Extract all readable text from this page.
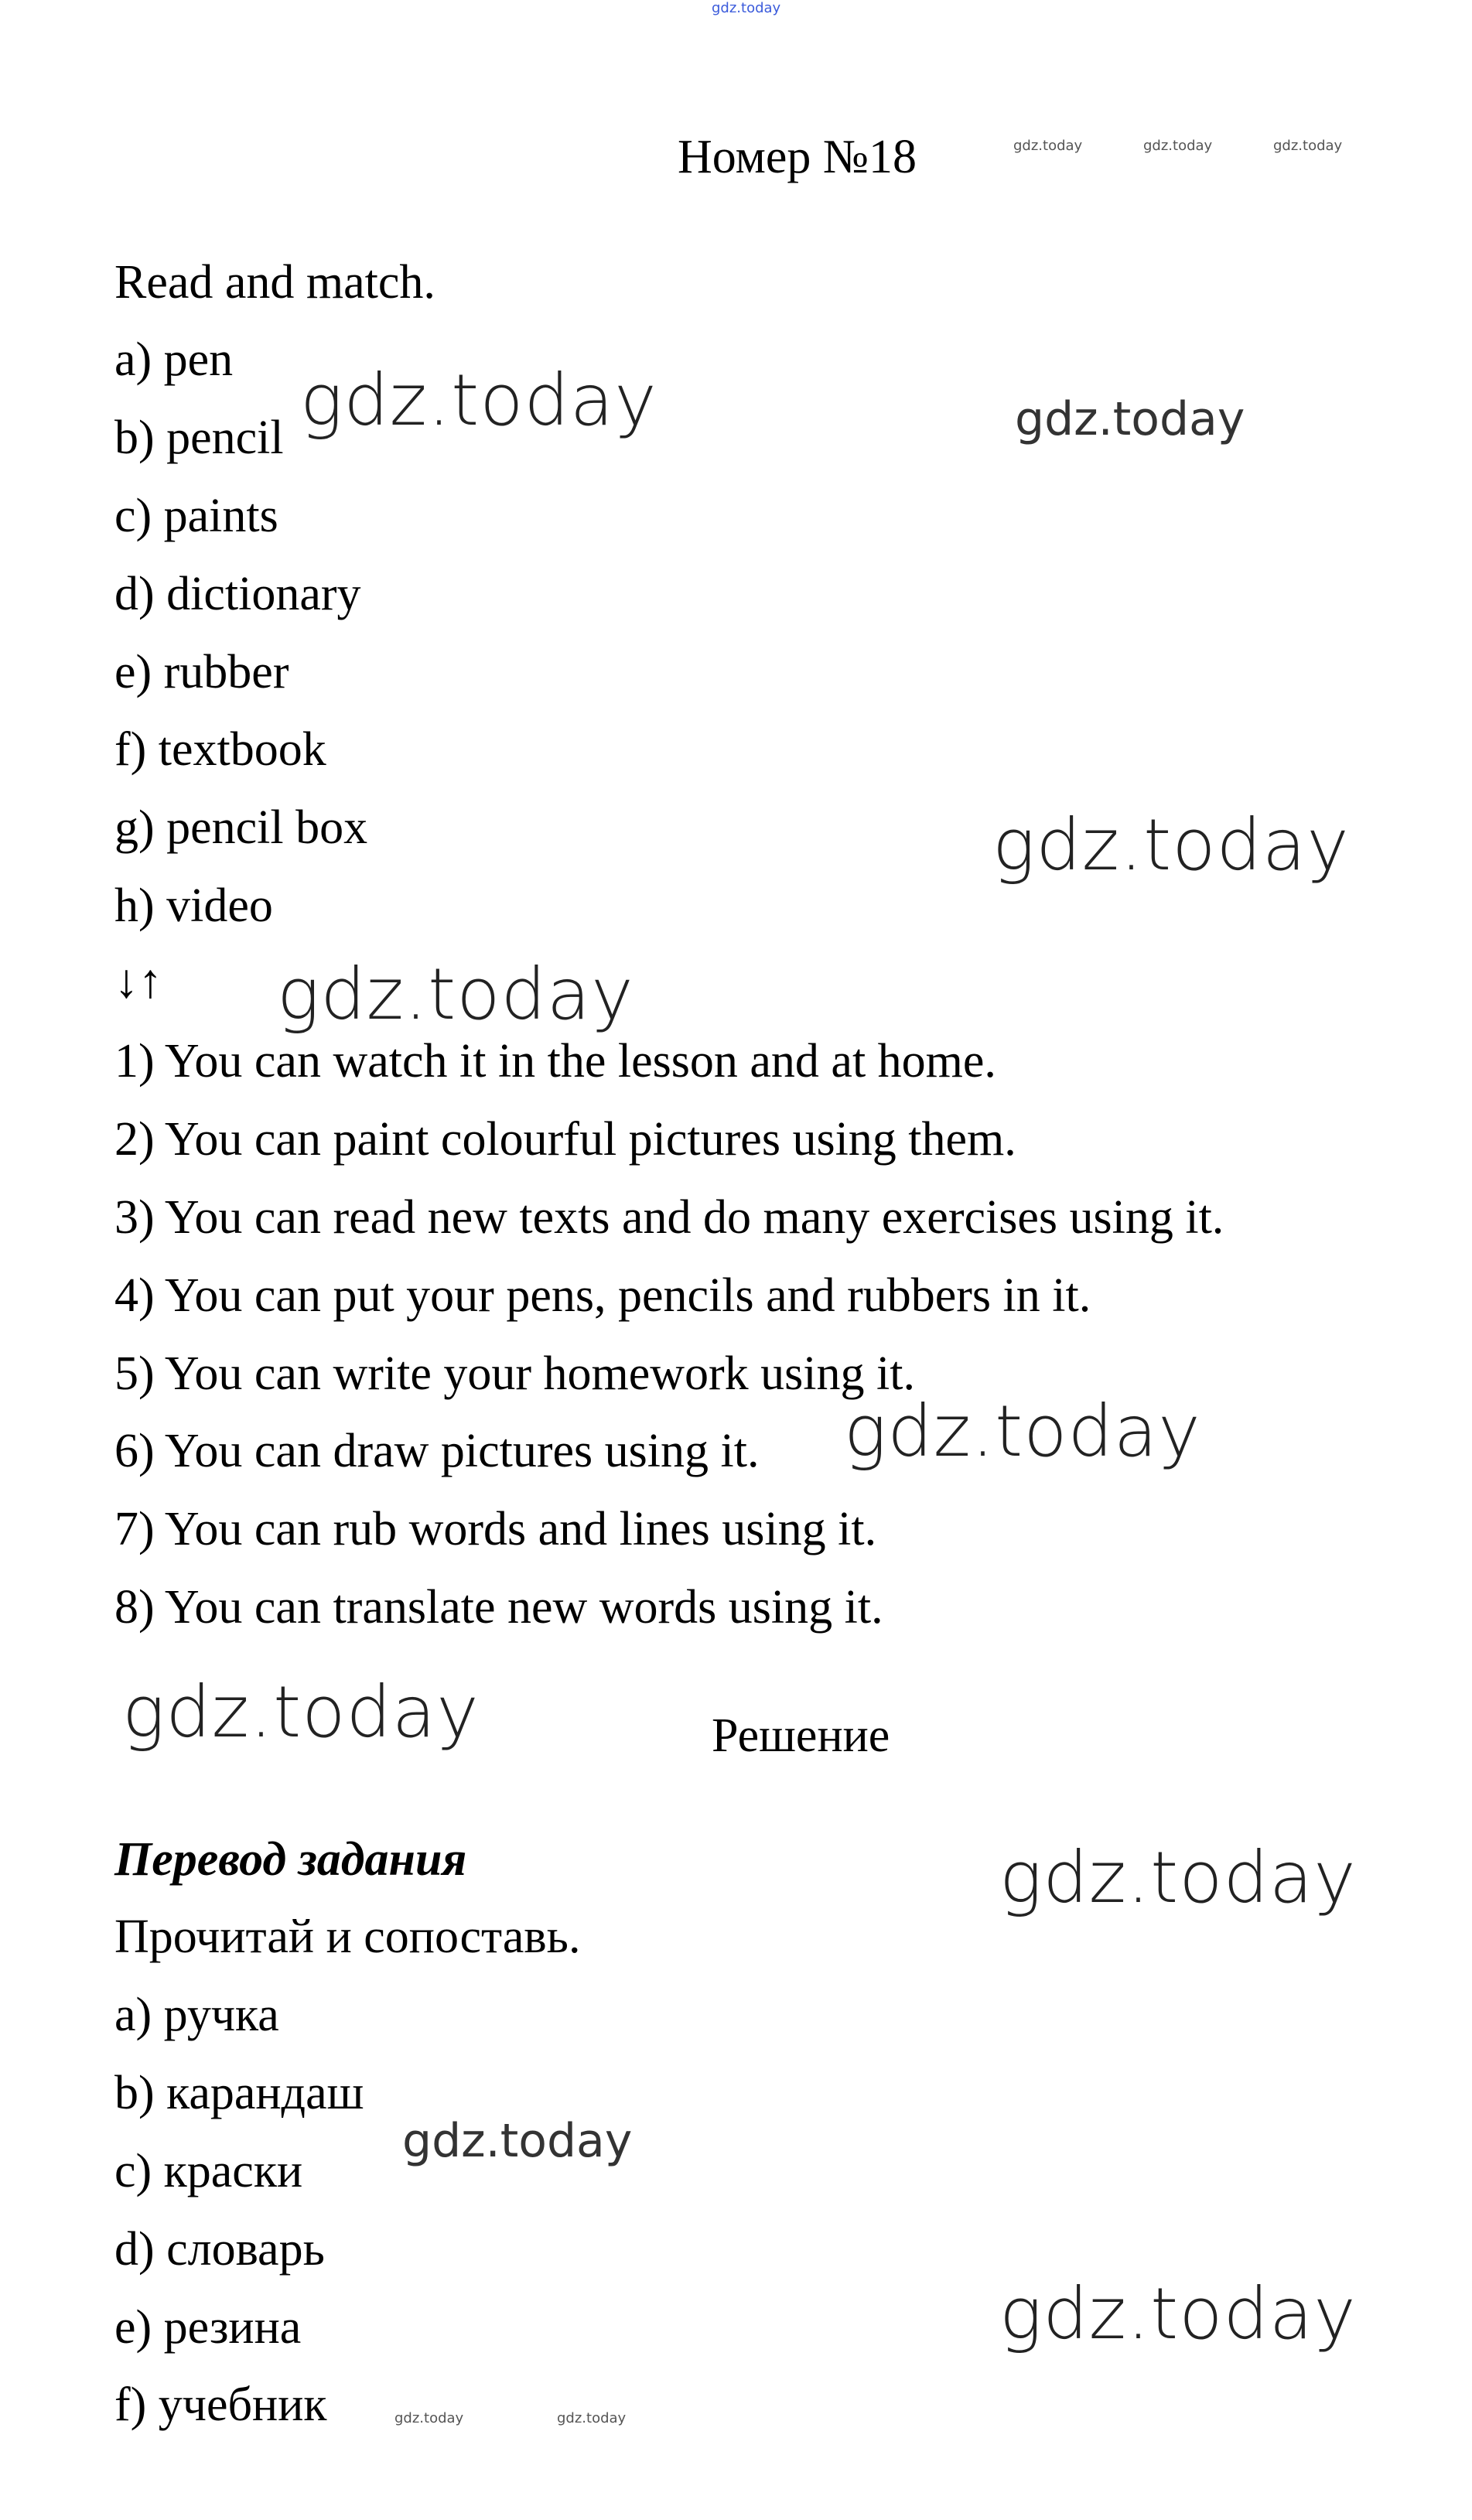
gdz.today
Номер №18	gdz.today	gdz.today	gdz.today
Read and match.
a) pen
b) pencil
c) paints
d) dictionary
e) rubber
f) textbook
g) pencil box
h) video
↓↑
1) You can watch it in the lesson and at home.
2) You can paint colourful pictures using them.
3) You can read new texts and do many exercises using it.
4) You can put your pens, pencils and rubbers in it.
5) You can write your homework using it.
6) You can draw pictures using it.
7) You can rub words and lines using it.
8) You can translate new words using it.
Решение
Перевод задания
Прочитай и сопоставь.
a) ручка
b) карандаш
c) краски
d) словарь
e) резина
f) учебник
gdz.today	gdz.today
gdz.today
gdz.today
gdz.today
gdz.today
gdz.today
gdz.today
gdz.today
gdz.today	gdz.today
